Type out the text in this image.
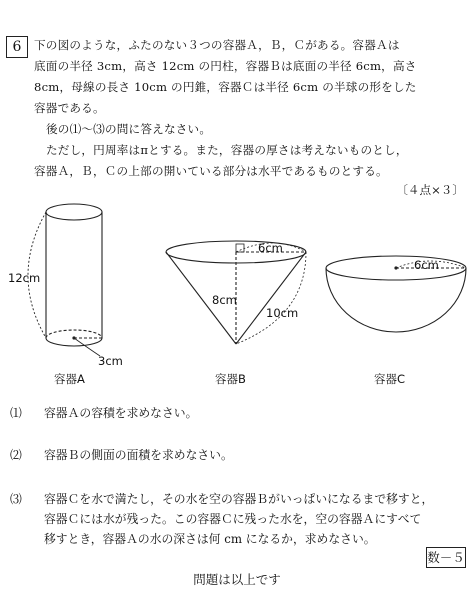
6	下の図のような，ふたのない３つの容器Ａ，Ｂ，Ｃがある。容器Ａは
底面の半径 3cm，高さ 12cm の円柱，容器Ｂは底面の半径 6cm，高さ
8cm，母線の長さ 10cm の円錐，容器Ｃは半径 6cm の半球の形をした
容器である。
後の⑴～⑶の問に答えなさい。
ただし，円周率はπとする。また，容器の厚さは考えないものとし，
容器Ａ，Ｂ，Ｃの上部の開いている部分は水平であるものとする。
〔４点×３〕
12cm
3cm
容器A
6cm
8cm
10cm
容器B
6cm
容器C
⑴ 容器Ａの容積を求めなさい。
⑵ 容器Ｂの側面の面積を求めなさい。
⑶ 容器Ｃを水で満たし，その水を空の容器Ｂがいっぱいになるまで移すと，
容器Ｃには水が残った。この容器Ｃに残った水を，空の容器Ａにすべて
移すとき，容器Ａの水の深さは何 cm になるか，求めなさい。
数－５
問題は以上です
